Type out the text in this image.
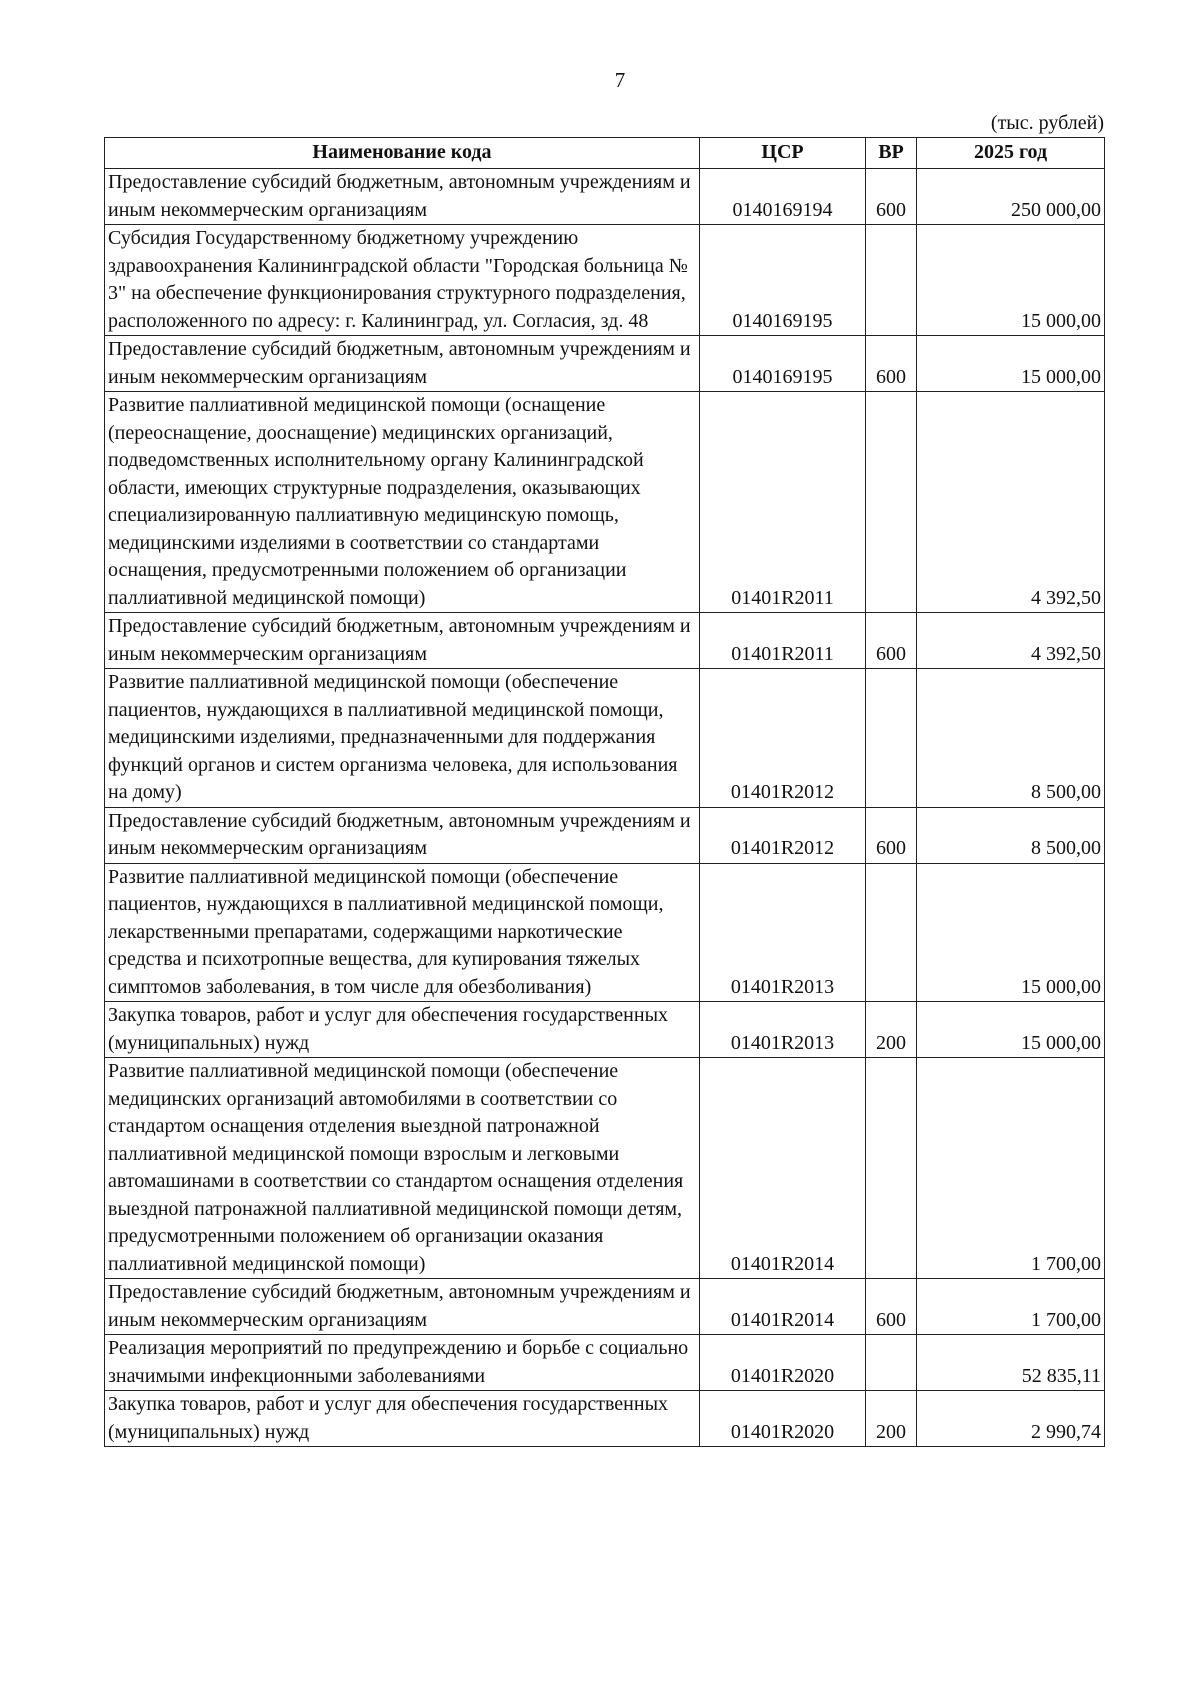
7
(тыс. рублей)
Наименование кода	ЦСР	ВР	2025 год
Предоставление субсидий бюджетным, автономным учреждениям и иным некоммерческим организациям	0140169194	600	250 000,00
Субсидия Государственному бюджетному учреждению здравоохранения Калининградской области "Городская больница № 3" на обеспечение функционирования структурного подразделения, расположенного по адресу: г. Калининград, ул. Согласия, зд. 48	0140169195		15 000,00
Предоставление субсидий бюджетным, автономным учреждениям и иным некоммерческим организациям	0140169195	600	15 000,00
Развитие паллиативной медицинской помощи (оснащение (переоснащение, дооснащение) медицинских организаций, подведомственных исполнительному органу Калининградской области, имеющих структурные подразделения, оказывающих специализированную паллиативную медицинскую помощь, медицинскими изделиями в соответствии со стандартами оснащения, предусмотренными положением об организации паллиативной медицинской помощи)	01401R2011		4 392,50
Предоставление субсидий бюджетным, автономным учреждениям и иным некоммерческим организациям	01401R2011	600	4 392,50
Развитие паллиативной медицинской помощи (обеспечение пациентов, нуждающихся в паллиативной медицинской помощи, медицинскими изделиями, предназначенными для поддержания функций органов и систем организма человека, для использования на дому)	01401R2012		8 500,00
Предоставление субсидий бюджетным, автономным учреждениям и иным некоммерческим организациям	01401R2012	600	8 500,00
Развитие паллиативной медицинской помощи (обеспечение пациентов, нуждающихся в паллиативной медицинской помощи, лекарственными препаратами, содержащими наркотические средства и психотропные вещества, для купирования тяжелых симптомов заболевания, в том числе для обезболивания)	01401R2013		15 000,00
Закупка товаров, работ и услуг для обеспечения государственных (муниципальных) нужд	01401R2013	200	15 000,00
Развитие паллиативной медицинской помощи (обеспечение медицинских организаций автомобилями в соответствии со стандартом оснащения отделения выездной патронажной паллиативной медицинской помощи взрослым и легковыми автомашинами в соответствии со стандартом оснащения отделения выездной патронажной паллиативной медицинской помощи детям, предусмотренными положением об организации оказания паллиативной медицинской помощи)	01401R2014		1 700,00
Предоставление субсидий бюджетным, автономным учреждениям и иным некоммерческим организациям	01401R2014	600	1 700,00
Реализация мероприятий по предупреждению и борьбе с социально значимыми инфекционными заболеваниями	01401R2020		52 835,11
Закупка товаров, работ и услуг для обеспечения государственных (муниципальных) нужд	01401R2020	200	2 990,74
